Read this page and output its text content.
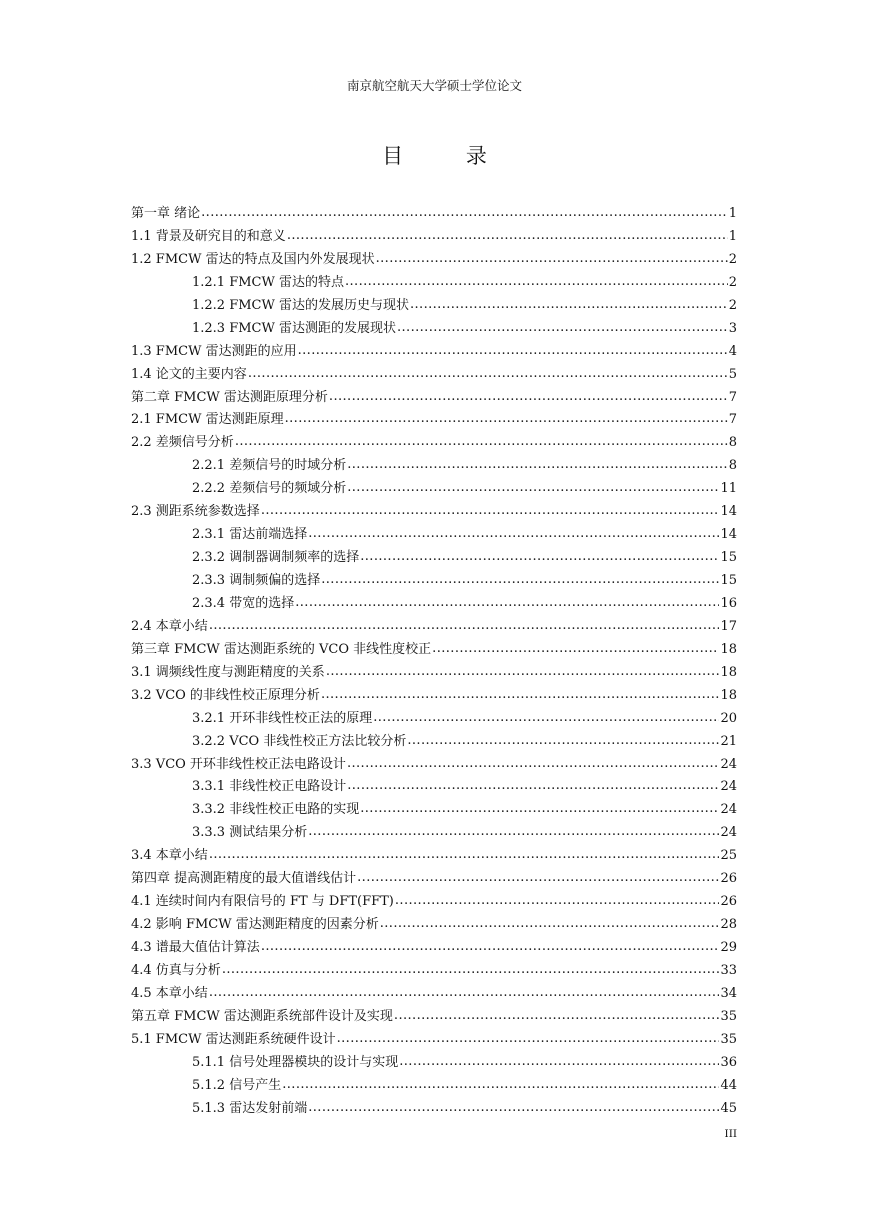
南京航空航天大学硕士学位论文
目 录
第一章 绪论 .....	1
1.1 背景及研究目的和意义 .....	1
1.2 FMCW 雷达的特点及国内外发展现状 .....	2
1.2.1 FMCW 雷达的特点 .....	2
1.2.2 FMCW 雷达的发展历史与现状 .....	2
1.2.3 FMCW 雷达测距的发展现状 .....	3
1.3 FMCW 雷达测距的应用 .....	4
1.4 论文的主要内容 .....	5
第二章 FMCW 雷达测距原理分析 .....	7
2.1 FMCW 雷达测距原理 .....	7
2.2 差频信号分析 .....	8
2.2.1 差频信号的时域分析 .....	8
2.2.2 差频信号的频域分析 .....	11
2.3 测距系统参数选择 .....	14
2.3.1 雷达前端选择 .....	14
2.3.2 调制器调制频率的选择 .....	15
2.3.3 调制频偏的选择 .....	15
2.3.4 带宽的选择 .....	16
2.4 本章小结 .....	17
第三章 FMCW 雷达测距系统的 VCO 非线性度校正 .....	18
3.1 调频线性度与测距精度的关系 .....	18
3.2 VCO 的非线性校正原理分析 .....	18
3.2.1 开环非线性校正法的原理 .....	20
3.2.2 VCO 非线性校正方法比较分析 .....	21
3.3 VCO 开环非线性校正法电路设计 .....	24
3.3.1 非线性校正电路设计 .....	24
3.3.2 非线性校正电路的实现 .....	24
3.3.3 测试结果分析 .....	24
3.4 本章小结 .....	25
第四章 提高测距精度的最大值谱线估计 .....	26
4.1 连续时间内有限信号的 FT 与 DFT(FFT) .....	26
4.2 影响 FMCW 雷达测距精度的因素分析 .....	28
4.3 谱最大值估计算法 .....	29
4.4 仿真与分析 .....	33
4.5 本章小结 .....	34
第五章 FMCW 雷达测距系统部件设计及实现 .....	35
5.1 FMCW 雷达测距系统硬件设计 .....	35
5.1.1 信号处理器模块的设计与实现 .....	36
5.1.2 信号产生 .....	44
5.1.3 雷达发射前端 .....	45
III
